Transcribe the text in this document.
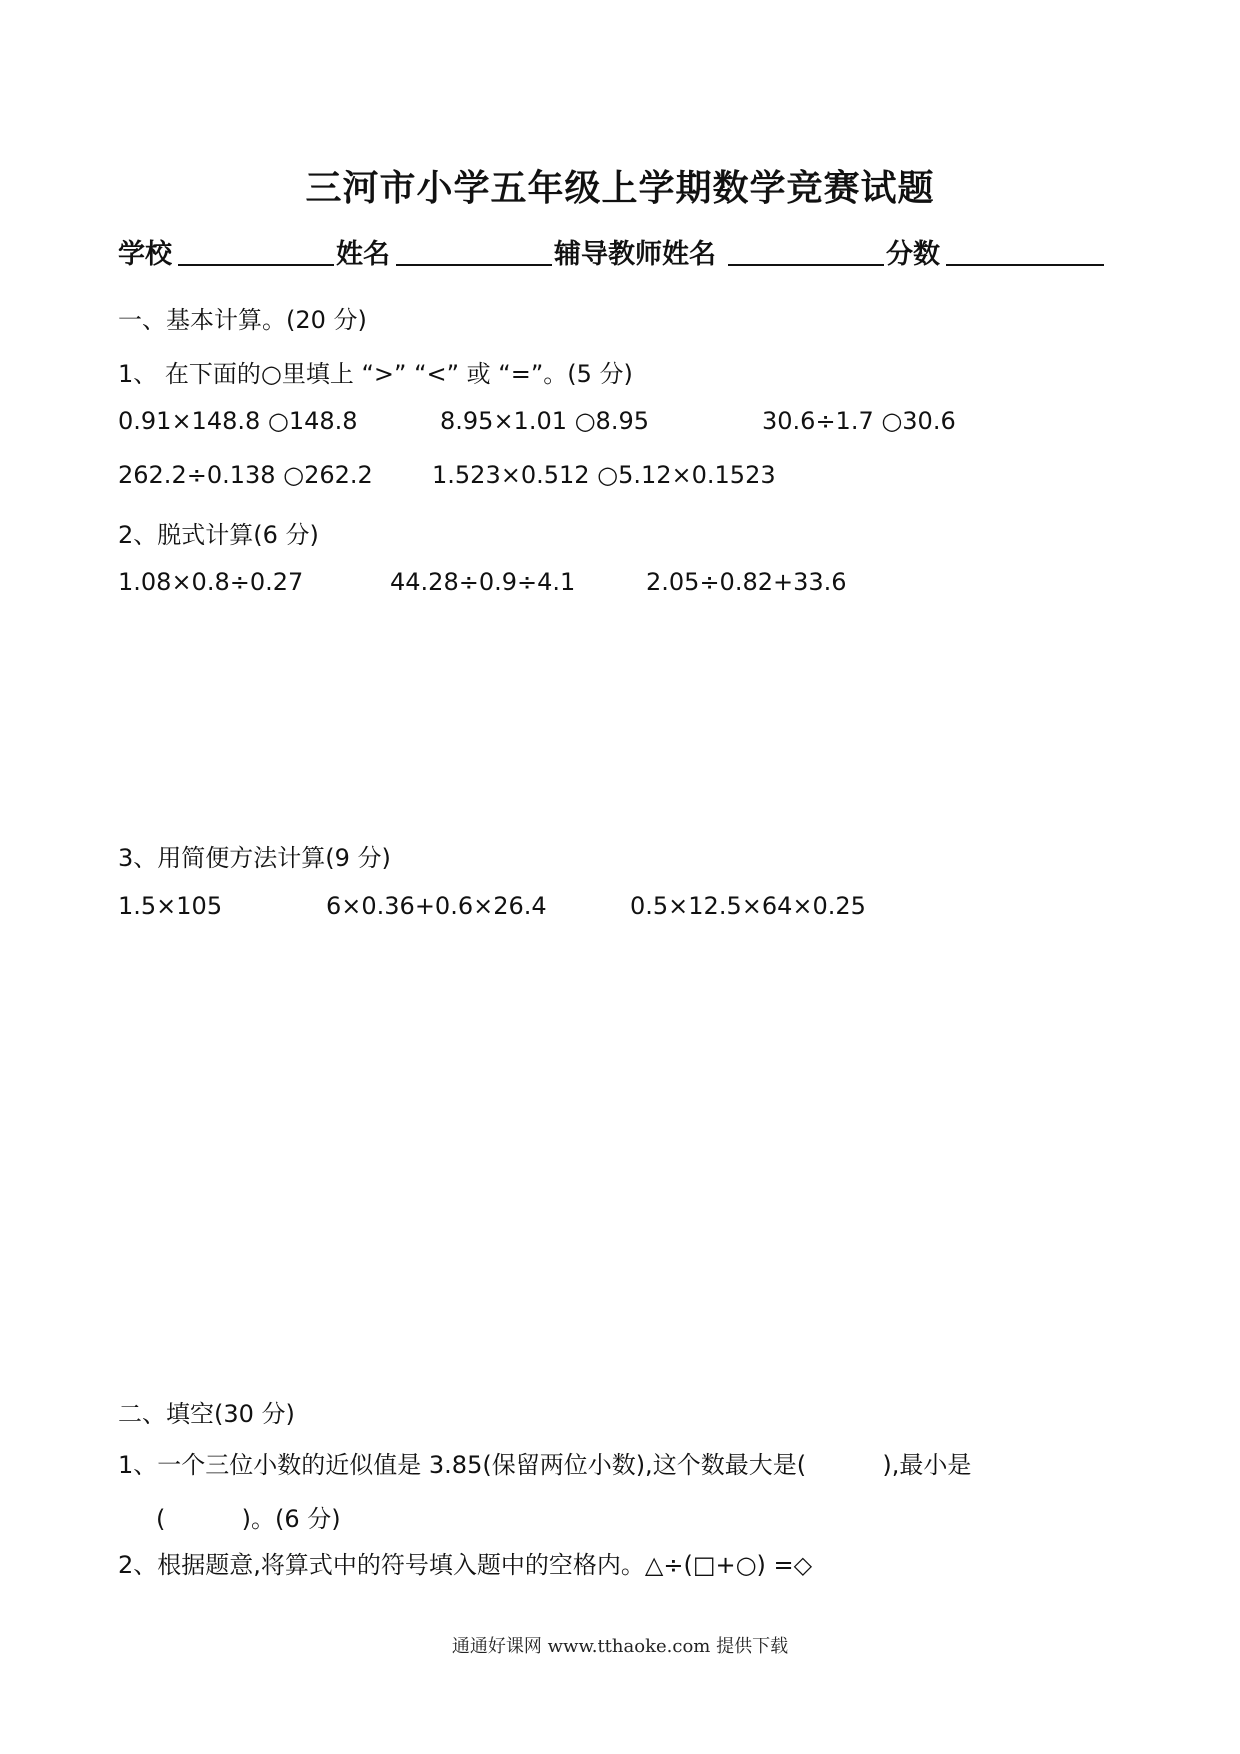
三河市小学五年级上学期数学竞赛试题
学校	姓名	辅导教师姓名	分数
一、基本计算。(20 分)
1、 在下面的○里填上 “>” “<” 或 “=”。(5 分)
0.91×148.8 ○148.8	8.95×1.01 ○8.95	30.6÷1.7 ○30.6
262.2÷0.138 ○262.2 1.523×0.512 ○5.12×0.1523
2、脱式计算(6 分)
1.08×0.8÷0.27	44.28÷0.9÷4.1	2.05÷0.82+33.6
3、用简便方法计算(9 分)
1.5×105	6×0.36+0.6×26.4	0.5×12.5×64×0.25
二、填空(30 分)
1、一个三位小数的近似值是 3.85(保留两位小数),这个数最大是(          ),最小是
(          )。(6 分)
2、根据题意,将算式中的符号填入题中的空格内。△÷(□+○) =◇
通通好课网 www.tthaoke.com 提供下载
